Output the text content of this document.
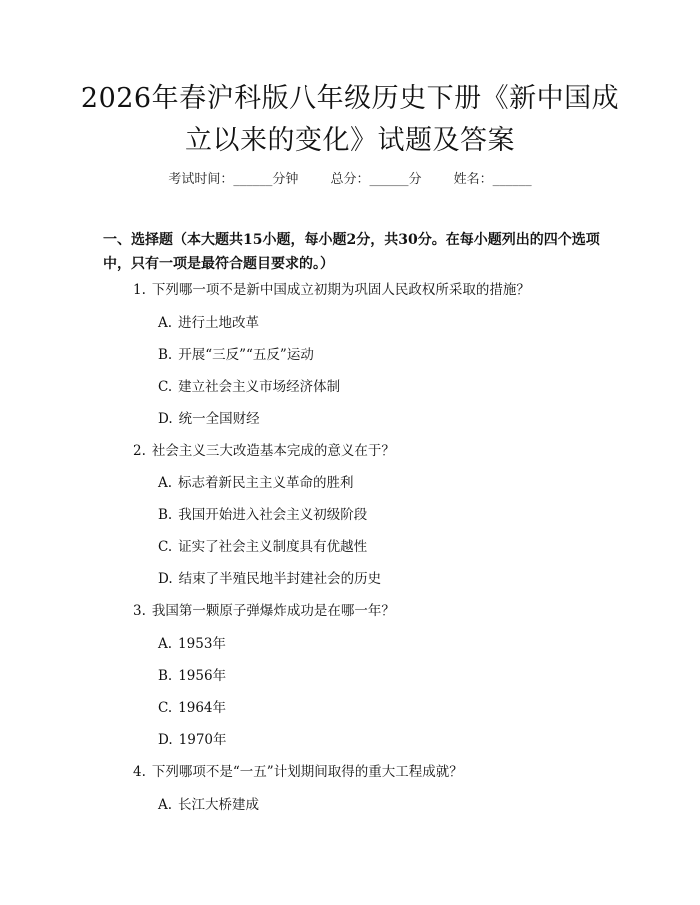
2026年春沪科版八年级历史下册《新中国成立以来的变化》试题及答案
考试时间：______分钟 总分：______分 姓名：______
一、选择题（本大题共15小题，每小题2分，共30分。在每小题列出的四个选项中，只有一项是最符合题目要求的。）
1. 下列哪一项不是新中国成立初期为巩固人民政权所采取的措施？
A. 进行土地改革
B. 开展“三反”“五反”运动
C. 建立社会主义市场经济体制
D. 统一全国财经
2. 社会主义三大改造基本完成的意义在于？
A. 标志着新民主主义革命的胜利
B. 我国开始进入社会主义初级阶段
C. 证实了社会主义制度具有优越性
D. 结束了半殖民地半封建社会的历史
3. 我国第一颗原子弹爆炸成功是在哪一年？
A. 1953年
B. 1956年
C. 1964年
D. 1970年
4. 下列哪项不是“一五”计划期间取得的重大工程成就？
A. 长江大桥建成
